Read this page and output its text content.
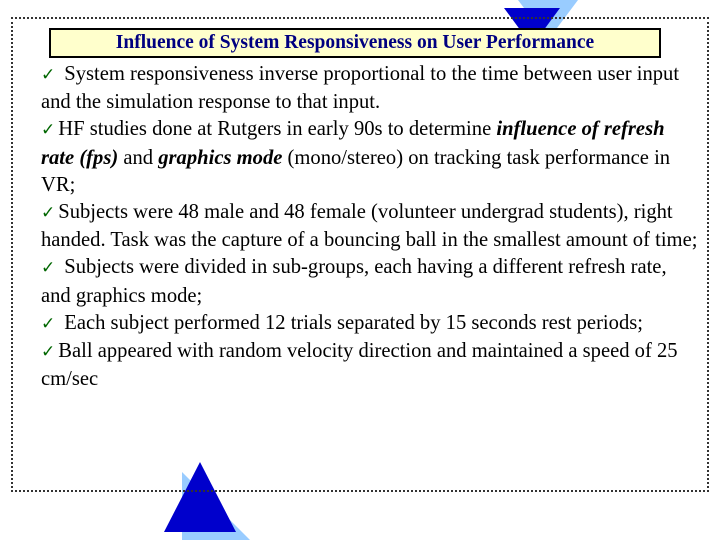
Influence of System Responsiveness on User Performance

✓ System responsiveness inverse proportional to the time between user input and the simulation response to that input.

✓ HF studies done at Rutgers in early 90s to determine influence of refresh rate (fps) and graphics mode (mono/stereo) on tracking task performance in VR;

✓ Subjects were 48 male and 48 female (volunteer undergrad students), right handed. Task was the capture of a bouncing ball in the smallest amount of time;

✓ Subjects were divided in sub-groups, each having a different refresh rate, and graphics mode;

✓ Each subject performed 12 trials separated by 15 seconds rest periods;

✓ Ball appeared with random velocity direction and maintained a speed of 25 cm/sec
